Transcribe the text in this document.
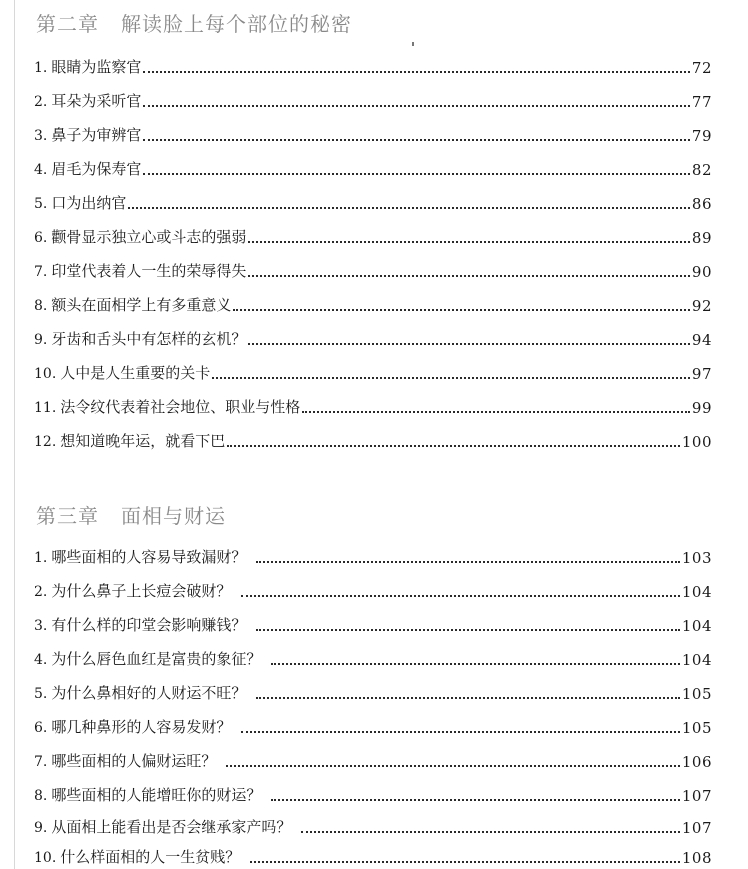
第二章 解读脸上每个部位的秘密
1. 眼睛为监察官	72
2. 耳朵为采听官	77
3. 鼻子为审辨官	79
4. 眉毛为保寿官	82
5. 口为出纳官	86
6. 颧骨显示独立心或斗志的强弱	89
7. 印堂代表着人一生的荣辱得失	90
8. 额头在面相学上有多重意义	92
9. 牙齿和舌头中有怎样的玄机？	94
10. 人中是人生重要的关卡	97
11. 法令纹代表着社会地位、职业与性格	99
12. 想知道晚年运，就看下巴	100
第三章 面相与财运
1. 哪些面相的人容易导致漏财？	103
2. 为什么鼻子上长痘会破财？	104
3. 有什么样的印堂会影响赚钱？	104
4. 为什么唇色血红是富贵的象征？	104
5. 为什么鼻相好的人财运不旺？	105
6. 哪几种鼻形的人容易发财？	105
7. 哪些面相的人偏财运旺？	106
8. 哪些面相的人能增旺你的财运？	107
9. 从面相上能看出是否会继承家产吗？	107
10. 什么样面相的人一生贫贱？	108
